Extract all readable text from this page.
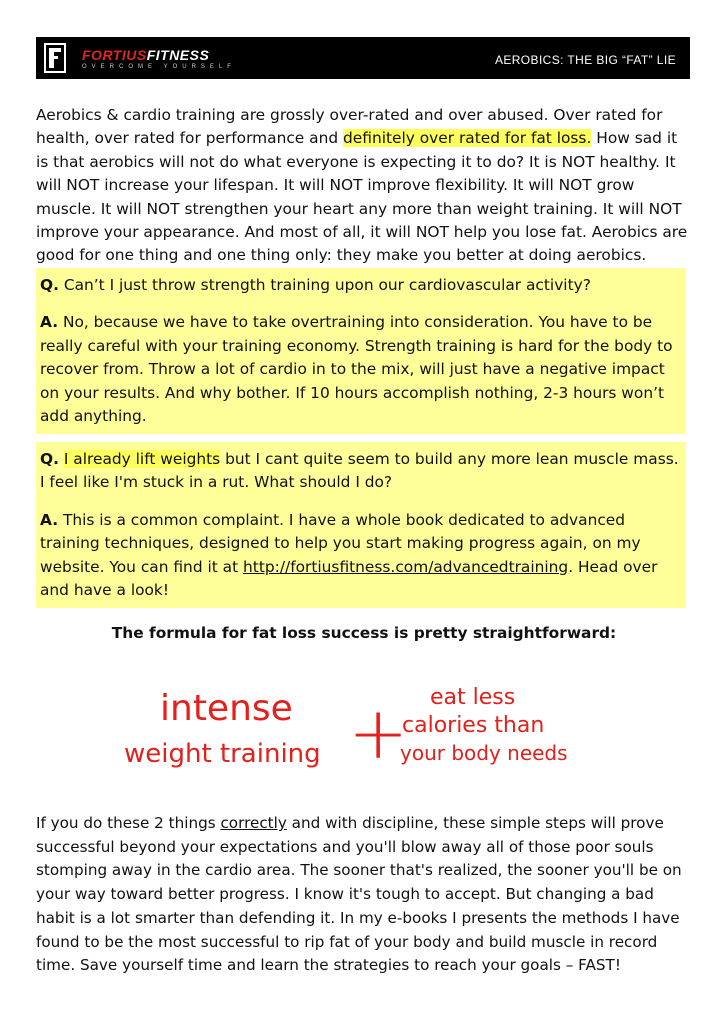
FORTIUSFITNESS
OVERCOME YOURSELF	AEROBICS: THE BIG “FAT” LIE
Aerobics & cardio training are grossly over-rated and over abused. Over rated for health, over rated for performance and definitely over rated for fat loss. How sad it is that aerobics will not do what everyone is expecting it to do? It is NOT healthy. It will NOT increase your lifespan. It will NOT improve flexibility. It will NOT grow muscle. It will NOT strengthen your heart any more than weight training. It will NOT improve your appearance. And most of all, it will NOT help you lose fat. Aerobics are good for one thing and one thing only: they make you better at doing aerobics.
Q. Can’t I just throw strength training upon our cardiovascular activity?
A. No, because we have to take overtraining into consideration. You have to be really careful with your training economy. Strength training is hard for the body to recover from. Throw a lot of cardio in to the mix, will just have a negative impact on your results. And why bother. If 10 hours accomplish nothing, 2-3 hours won’t add anything.
Q. I already lift weights but I cant quite seem to build any more lean muscle mass. I feel like I'm stuck in a rut. What should I do?
A. This is a common complaint. I have a whole book dedicated to advanced training techniques, designed to help you start making progress again, on my website. You can find it at http://fortiusfitness.com/advancedtraining. Head over and have a look!
The formula for fat loss success is pretty straightforward:
intense
weight training + eat less
calories than
your body needs
If you do these 2 things correctly and with discipline, these simple steps will prove successful beyond your expectations and you'll blow away all of those poor souls stomping away in the cardio area. The sooner that's realized, the sooner you'll be on your way toward better progress. I know it's tough to accept. But changing a bad habit is a lot smarter than defending it. In my e-books I presents the methods I have found to be the most successful to rip fat of your body and build muscle in record time. Save yourself time and learn the strategies to reach your goals – FAST!
